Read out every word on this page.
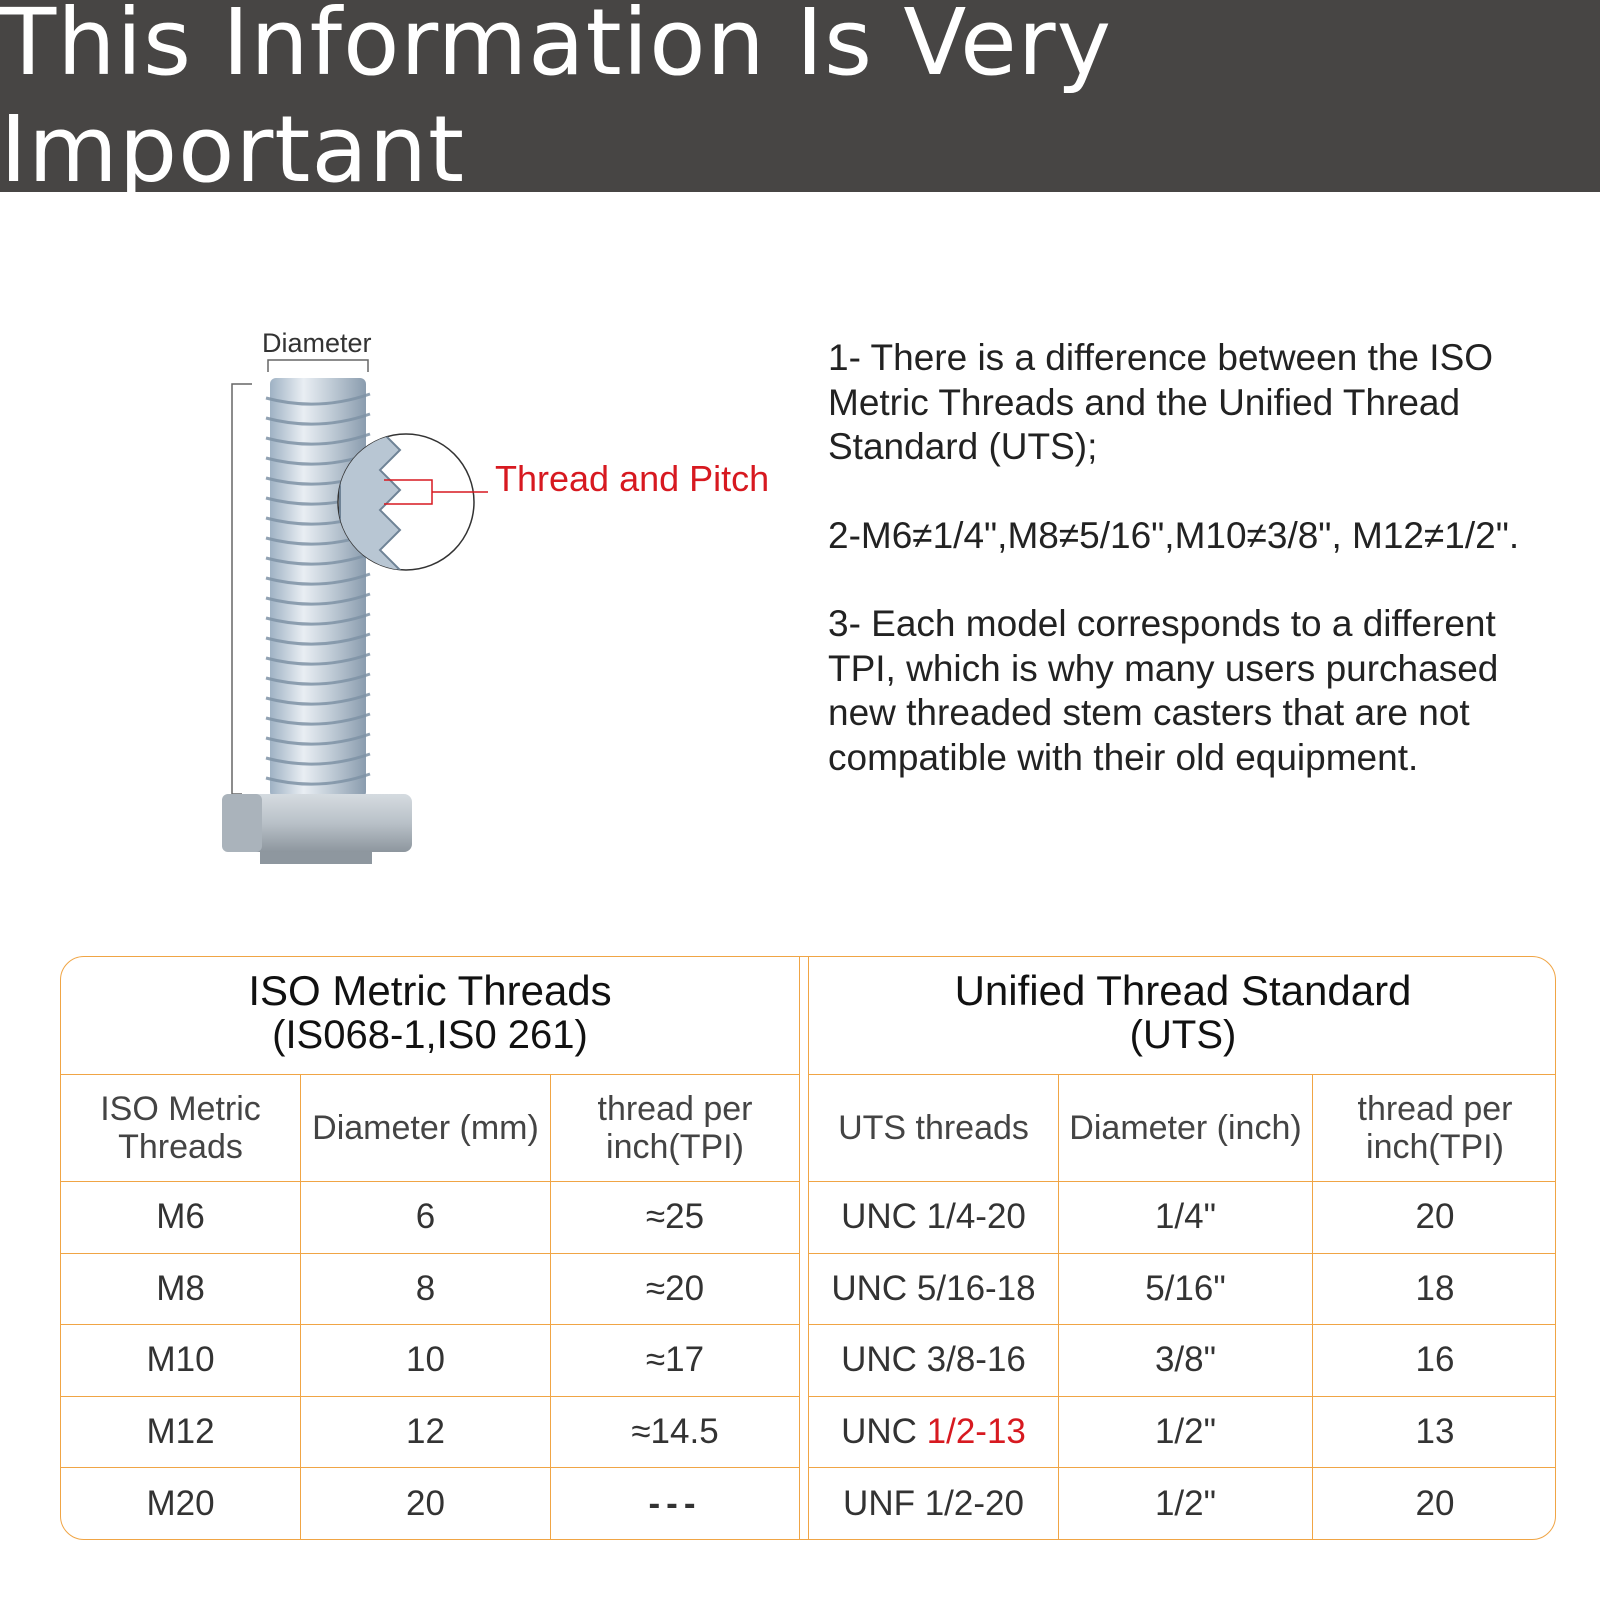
This Information Is Very Important
Diameter
Thread and Pitch

1- There is a difference between the ISO Metric Threads and the Unified Thread Standard (UTS);

2-M6≠1/4",M8≠5/16",M10≠3/8", M12≠1/2".

3- Each model corresponds to a different TPI, which is why many users purchased new threaded stem casters that are not compatible with their old equipment.

ISO Metric Threads
(IS068-1,IS0 261)
ISO Metric Threads	Diameter (mm)	thread per inch(TPI)
M6	6	≈25
M8	8	≈20
M10	10	≈17
M12	12	≈14.5
M20	20	---
Unified Thread Standard
(UTS)
UTS threads	Diameter (inch)	thread per inch(TPI)
UNC 1/4-20	1/4"	20
UNC 5/16-18	5/16"	18
UNC 3/8-16	3/8"	16
UNC 1/2-13	1/2"	13
UNF 1/2-20	1/2"	20
